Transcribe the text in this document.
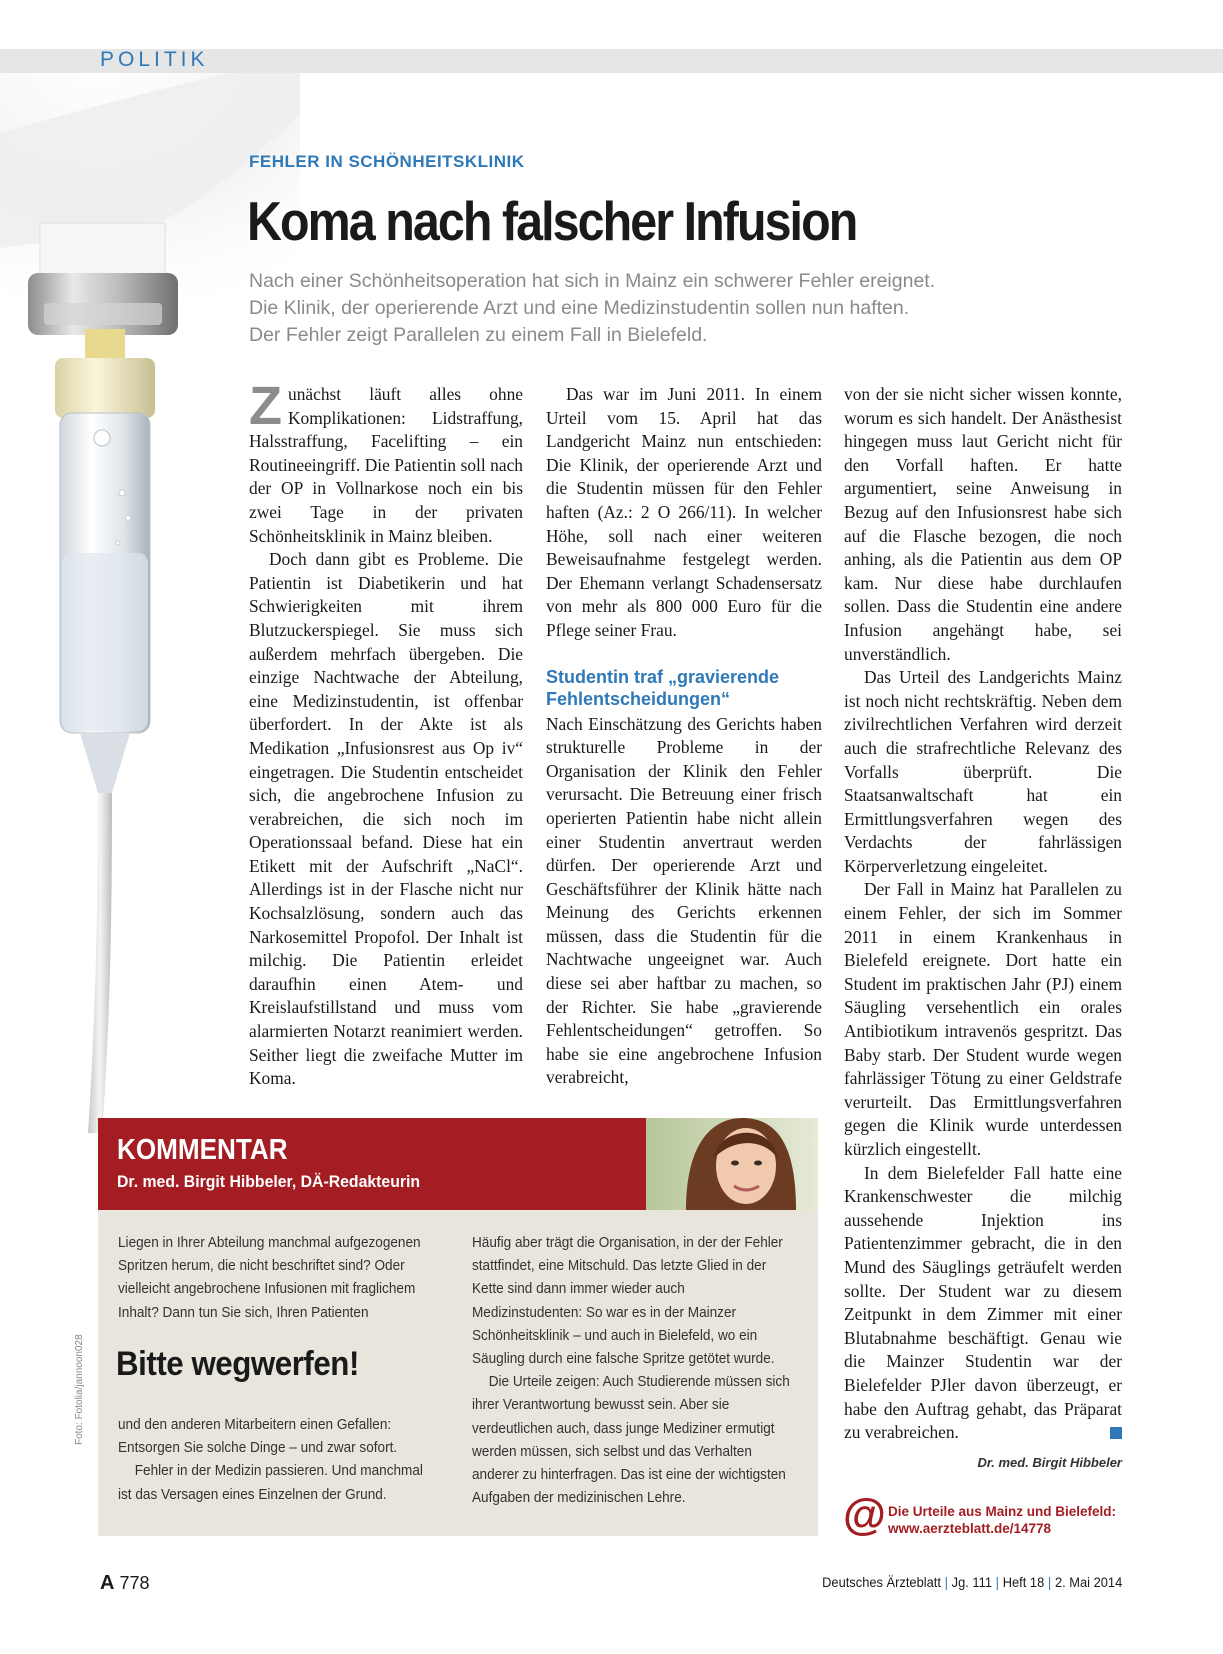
POLITIK
FEHLER IN SCHÖNHEITSKLINIK
Koma nach falscher Infusion

Nach einer Schönheitsoperation hat sich in Mainz ein schwerer Fehler ereignet.

Die Klinik, der operierende Arzt und eine Medizinstudentin sollen nun haften.

Der Fehler zeigt Parallelen zu einem Fall in Bielefeld.

Zunächst läuft alles ohne Komplikationen: Lidstraffung, Halsstraffung, Facelifting – ein Routineeingriff. Die Patientin soll nach der OP in Vollnarkose noch ein bis zwei Tage in der privaten Schönheitsklinik in Mainz bleiben.

Doch dann gibt es Probleme. Die Patientin ist Diabetikerin und hat Schwierigkeiten mit ihrem Blutzuckerspiegel. Sie muss sich außerdem mehrfach übergeben. Die einzige Nachtwache der Abteilung, eine Medizinstudentin, ist offenbar überfordert. In der Akte ist als Medikation „Infusionsrest aus Op iv“ eingetragen. Die Studentin entscheidet sich, die angebrochene Infusion zu verabreichen, die sich noch im Operationssaal befand. Diese hat ein Etikett mit der Aufschrift „NaCl“. Allerdings ist in der Flasche nicht nur Kochsalzlösung, sondern auch das Narkosemittel Propofol. Der Inhalt ist milchig. Die Patientin erleidet daraufhin einen Atem- und Kreislaufstillstand und muss vom alarmierten Notarzt reanimiert werden. Seither liegt die zweifache Mutter im Koma.

Das war im Juni 2011. In einem Urteil vom 15. April hat das Landgericht Mainz nun entschieden: Die Klinik, der operierende Arzt und die Studentin müssen für den Fehler haften (Az.: 2 O 266/11). In welcher Höhe, soll nach einer weiteren Beweisaufnahme festgelegt werden. Der Ehemann verlangt Schadensersatz von mehr als 800 000 Euro für die Pflege seiner Frau.

Studentin traf „gravierende Fehlentscheidungen“

Nach Einschätzung des Gerichts haben strukturelle Probleme in der Organisation der Klinik den Fehler verursacht. Die Betreuung einer frisch operierten Patientin habe nicht allein einer Studentin anvertraut werden dürfen. Der operierende Arzt und Geschäftsführer der Klinik hätte nach Meinung des Gerichts erkennen müssen, dass die Studentin für die Nachtwache ungeeignet war. Auch diese sei aber haftbar zu machen, so der Richter. Sie habe „gravierende Fehlentscheidungen“ getroffen. So habe sie eine angebrochene Infusion verabreicht,

von der sie nicht sicher wissen konnte, worum es sich handelt. Der Anästhesist hingegen muss laut Gericht nicht für den Vorfall haften. Er hatte argumentiert, seine Anweisung in Bezug auf den Infusionsrest habe sich auf die Flasche bezogen, die noch anhing, als die Patientin aus dem OP kam. Nur diese habe durchlaufen sollen. Dass die Studentin eine andere Infusion angehängt habe, sei unverständlich.

Das Urteil des Landgerichts Mainz ist noch nicht rechtskräftig. Neben dem zivilrechtlichen Verfahren wird derzeit auch die strafrechtliche Relevanz des Vorfalls überprüft. Die Staatsanwaltschaft hat ein Ermittlungsverfahren wegen des Verdachts der fahrlässigen Körperverletzung eingeleitet.

Der Fall in Mainz hat Parallelen zu einem Fehler, der sich im Sommer 2011 in einem Krankenhaus in Bielefeld ereignete. Dort hatte ein Student im praktischen Jahr (PJ) einem Säugling versehentlich ein orales Antibiotikum intravenös gespritzt. Das Baby starb. Der Student wurde wegen fahrlässiger Tötung zu einer Geldstrafe verurteilt. Das Ermittlungsverfahren gegen die Klinik wurde unterdessen kürzlich eingestellt.

In dem Bielefelder Fall hatte eine Krankenschwester die milchig aussehende Injektion ins Patientenzimmer gebracht, die in den Mund des Säuglings geträufelt werden sollte. Der Student war zu diesem Zeitpunkt in dem Zimmer mit einer Blutabnahme beschäftigt. Genau wie die Mainzer Studentin war der Bielefelder PJler davon überzeugt, er habe den Auftrag gehabt, das Präparat zu verabreichen.

Dr. med. Birgit Hibbeler
KOMMENTAR
Dr. med. Birgit Hibbeler, DÄ-Redakteurin

Liegen in Ihrer Abteilung manchmal aufgezogenen Spritzen herum, die nicht beschriftet sind? Oder vielleicht angebrochene Infusionen mit fraglichem Inhalt? Dann tun Sie sich, Ihren Patienten

Bitte wegwerfen!

und den anderen Mitarbeitern einen Gefallen: Entsorgen Sie solche Dinge – und zwar sofort.

Fehler in der Medizin passieren. Und manchmal ist das Versagen eines Einzelnen der Grund.

Häufig aber trägt die Organisation, in der der Fehler stattfindet, eine Mitschuld. Das letzte Glied in der Kette sind dann immer wieder auch Medizinstudenten: So war es in der Mainzer Schönheitsklinik – und auch in Bielefeld, wo ein Säugling durch eine falsche Spritze getötet wurde.

Die Urteile zeigen: Auch Studierende müssen sich ihrer Verantwortung bewusst sein. Aber sie verdeutlichen auch, dass junge Mediziner ermutigt werden müssen, sich selbst und das Verhalten anderer zu hinterfragen. Das ist eine der wichtigsten Aufgaben der medizinischen Lehre.

Foto: Fotolia/jannoon028
@ Die Urteile aus Mainz und Bielefeld:
www.aerzteblatt.de/14778
A 778	Deutsches Ärzteblatt | Jg. 111 | Heft 18 | 2. Mai 2014
